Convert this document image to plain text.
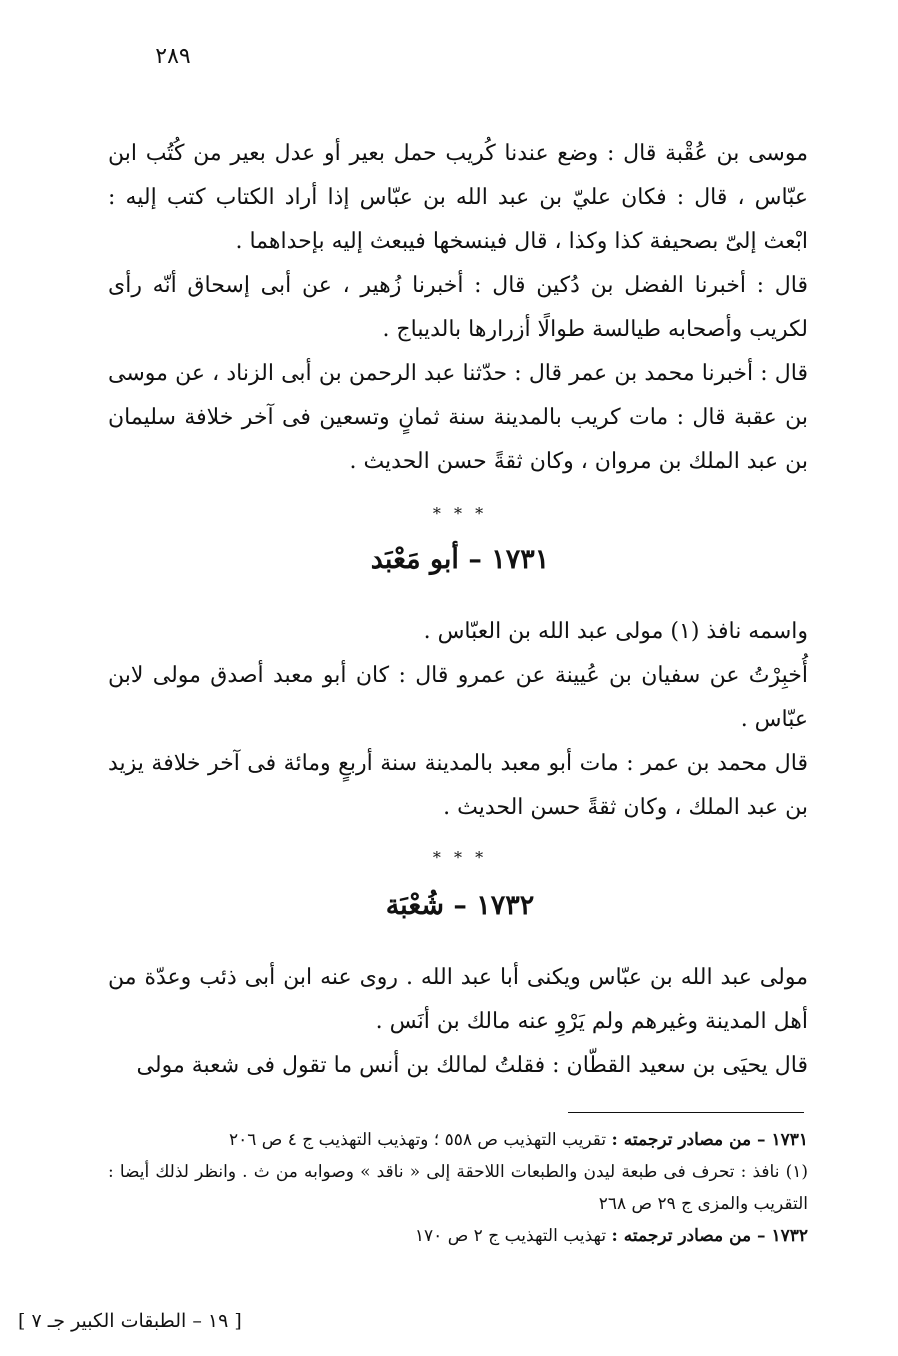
٢٨٩

موسى بن عُقْبة قال : وضع عندنا كُريب حمل بعير أو عدل بعير من كُتُب ابن عبّاس ، قال : فكان عليّ بن عبد الله بن عبّاس إذا أراد الكتاب كتب إليه : ابْعث إلىّ بصحيفة كذا وكذا ، قال فينسخها فيبعث إليه بإحداهما .

قال : أخبرنا الفضل بن دُكين قال : أخبرنا زُهير ، عن أبى إسحاق أنّه رأى لكريب وأصحابه طيالسة طوالًا أزرارها بالديباج .

قال : أخبرنا محمد بن عمر قال : حدّثنا عبد الرحمن بن أبى الزناد ، عن موسى بن عقبة قال : مات كريب بالمدينة سنة ثمانٍ وتسعين فى آخر خلافة سليمان بن عبد الملك بن مروان ، وكان ثقةً حسن الحديث .

* * *
١٧٣١ – أبو مَعْبَد

واسمه نافذ (١) مولى عبد الله بن العبّاس .

أُخبِرْتُ عن سفيان بن عُيينة عن عمرو قال : كان أبو معبد أصدق مولى لابن عبّاس .

قال محمد بن عمر : مات أبو معبد بالمدينة سنة أربعٍ ومائة فى آخر خلافة يزيد بن عبد الملك ، وكان ثقةً حسن الحديث .

* * *
١٧٣٢ – شُعْبَة

مولى عبد الله بن عبّاس ويكنى أبا عبد الله . روى عنه ابن أبى ذئب وعدّة من أهل المدينة وغيرهم ولم يَرْوِ عنه مالك بن أنَس .

قال يحيَى بن سعيد القطّان : فقلتُ لمالك بن أنس ما تقول فى شعبة مولى

١٧٣١ – من مصادر ترجمته : تقريب التهذيب ص ٥٥٨ ؛ وتهذيب التهذيب ج ٤ ص ٢٠٦

(١) نافذ : تحرف فى طبعة ليدن والطبعات اللاحقة إلى « ناقد » وصوابه من ث . وانظر لذلك أيضا : التقريب والمزى ج ٢٩ ص ٢٦٨

١٧٣٢ – من مصادر ترجمته : تهذيب التهذيب ج ٢ ص ١٧٠

[ ١٩ – الطبقات الكبير جـ ٧ ]
